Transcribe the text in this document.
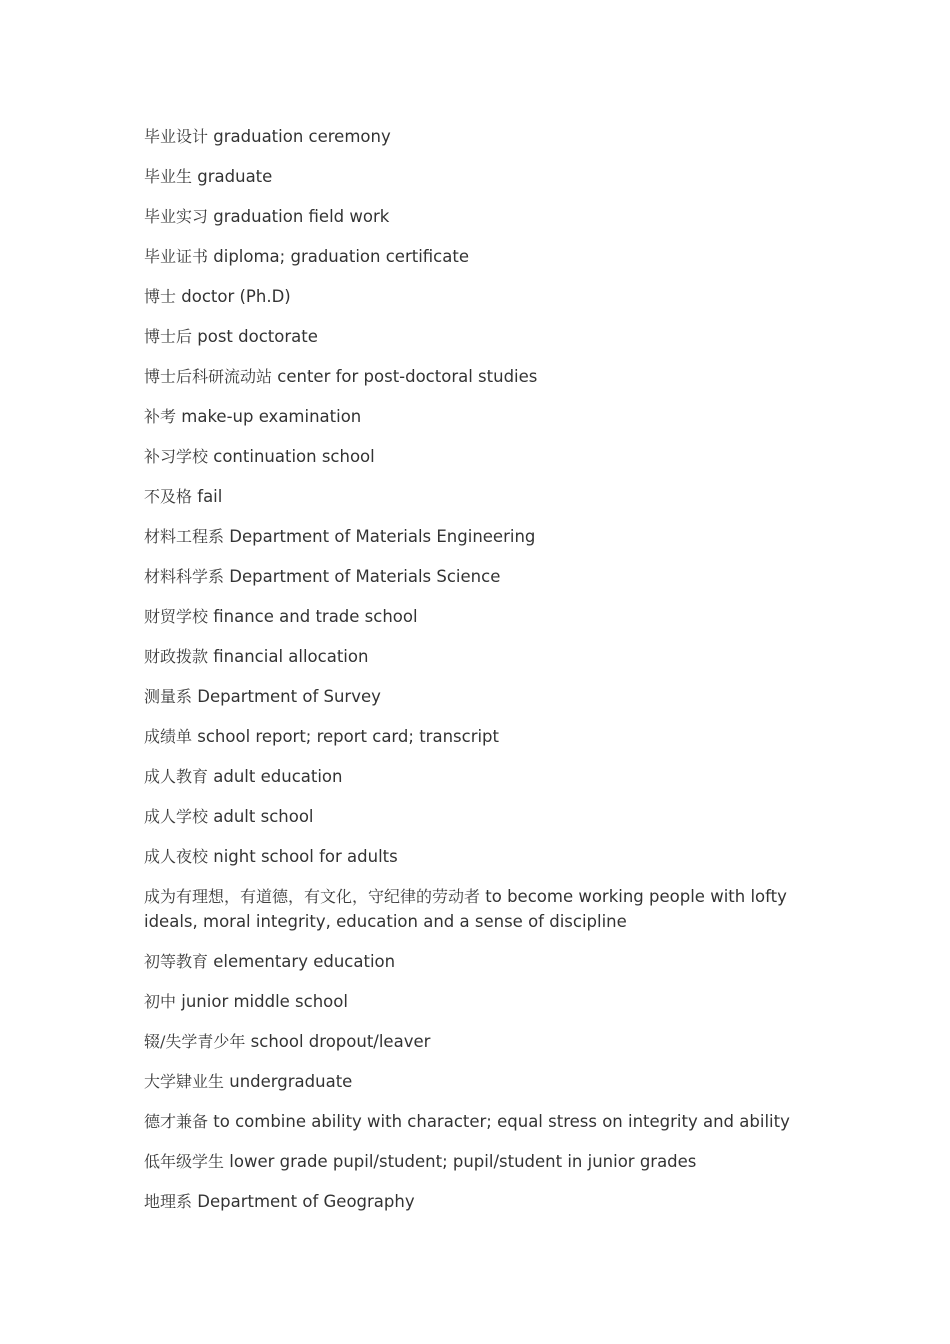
毕业设计 graduation ceremony

毕业生 graduate

毕业实习 graduation field work

毕业证书 diploma; graduation certificate

博士 doctor (Ph.D)

博士后 post doctorate

博士后科研流动站 center for post-doctoral studies

补考 make-up examination

补习学校 continuation school

不及格 fail

材料工程系 Department of Materials Engineering

材料科学系 Department of Materials Science

财贸学校 finance and trade school

财政拨款 financial allocation

测量系 Department of Survey

成绩单 school report; report card; transcript

成人教育 adult education

成人学校 adult school

成人夜校 night school for adults

成为有理想，有道德，有文化，守纪律的劳动者 to become working people with lofty ideals, moral integrity, education and a sense of discipline

初等教育 elementary education

初中 junior middle school

辍/失学青少年 school dropout/leaver

大学肄业生 undergraduate

德才兼备 to combine ability with character; equal stress on integrity and ability

低年级学生 lower grade pupil/student; pupil/student in junior grades

地理系 Department of Geography
